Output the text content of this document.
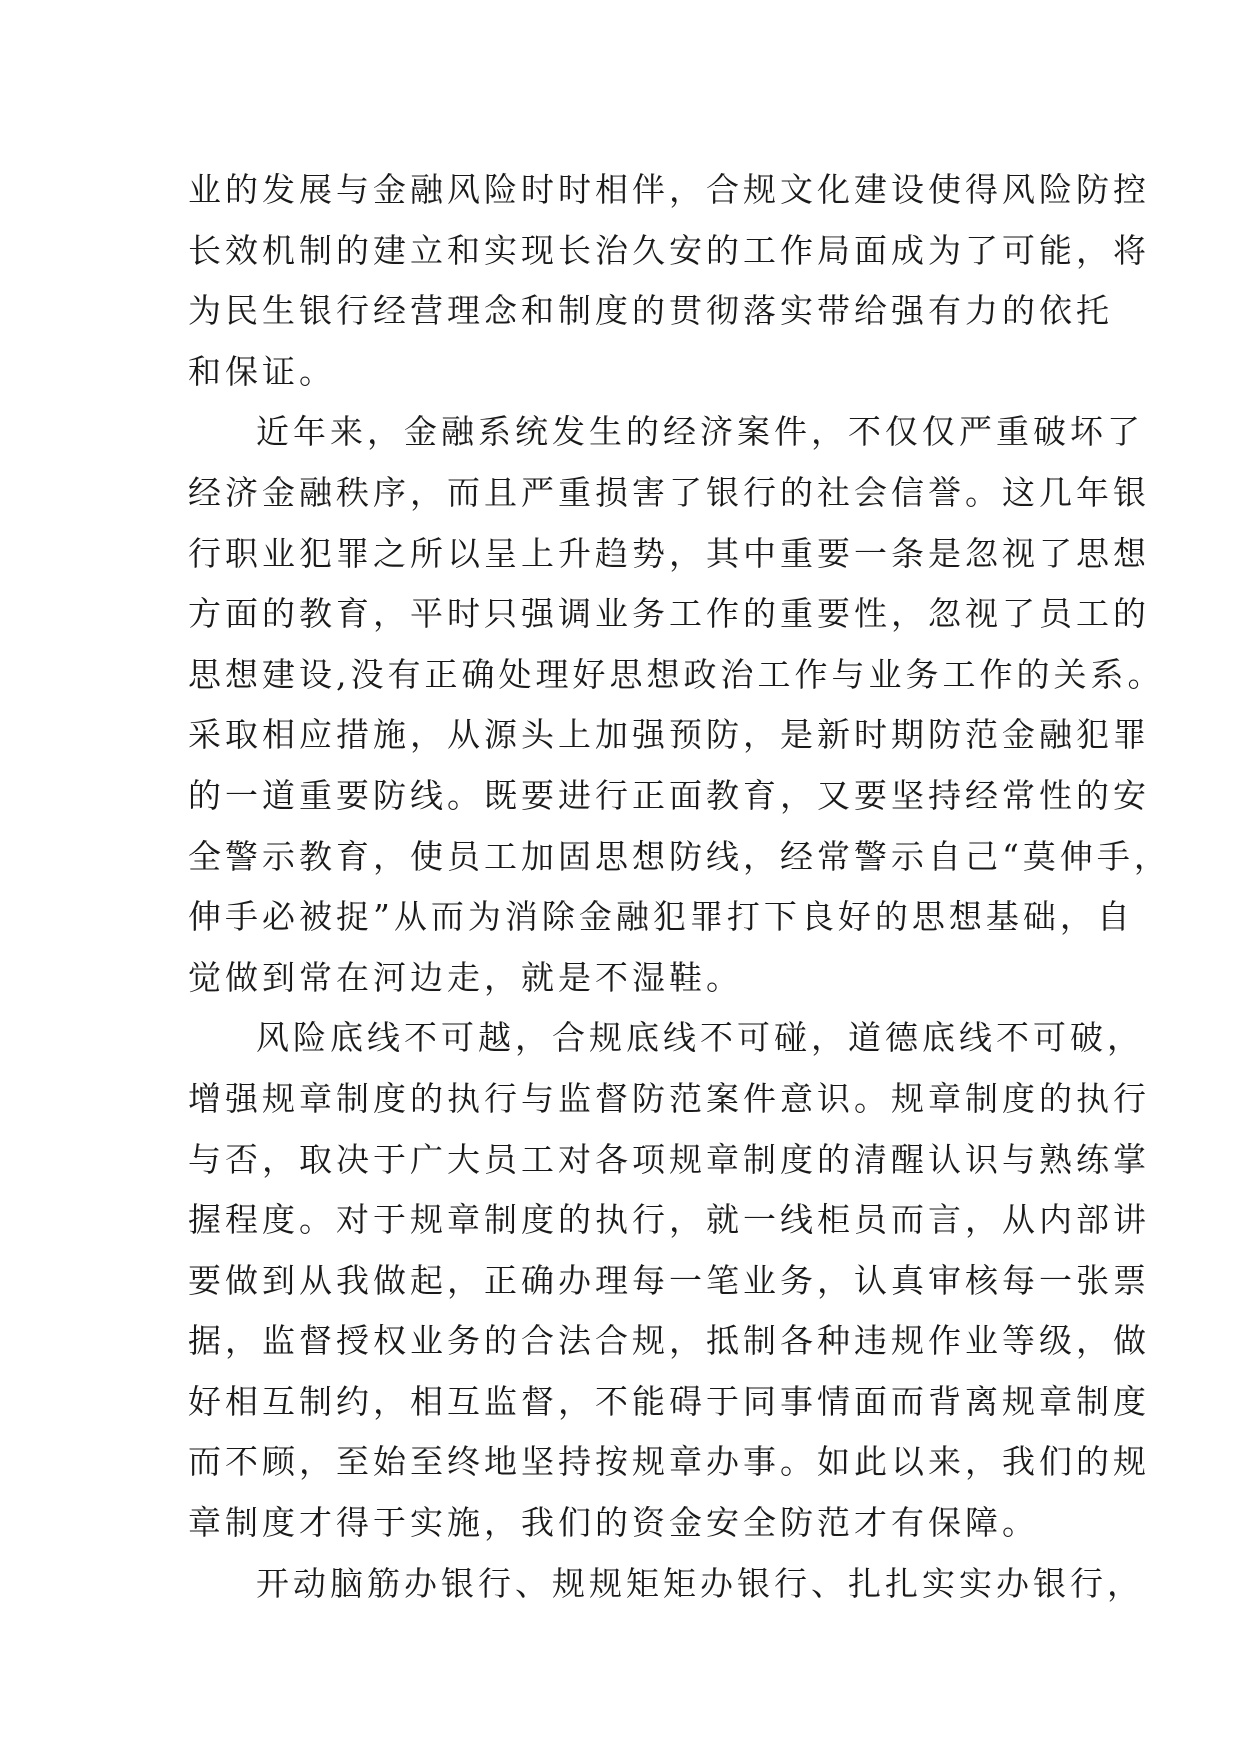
业的发展与金融风险时时相伴，合规文化建设使得风险防控
长效机制的建立和实现长治久安的工作局面成为了可能，将
为民生银行经营理念和制度的贯彻落实带给强有力的依托
和保证。
近年来，金融系统发生的经济案件，不仅仅严重破坏了
经济金融秩序，而且严重损害了银行的社会信誉。这几年银
行职业犯罪之所以呈上升趋势，其中重要一条是忽视了思想
方面的教育，平时只强调业务工作的重要性，忽视了员工的
思想建设,没有正确处理好思想政治工作与业务工作的关系。
采取相应措施，从源头上加强预防，是新时期防范金融犯罪
的一道重要防线。既要进行正面教育，又要坚持经常性的安
全警示教育，使员工加固思想防线，经常警示自己“莫伸手，
伸手必被捉”从而为消除金融犯罪打下良好的思想基础，自
觉做到常在河边走，就是不湿鞋。
风险底线不可越，合规底线不可碰，道德底线不可破，
增强规章制度的执行与监督防范案件意识。规章制度的执行
与否，取决于广大员工对各项规章制度的清醒认识与熟练掌
握程度。对于规章制度的执行，就一线柜员而言，从内部讲
要做到从我做起，正确办理每一笔业务，认真审核每一张票
据，监督授权业务的合法合规，抵制各种违规作业等级，做
好相互制约，相互监督，不能碍于同事情面而背离规章制度
而不顾，至始至终地坚持按规章办事。如此以来，我们的规
章制度才得于实施，我们的资金安全防范才有保障。
开动脑筋办银行、规规矩矩办银行、扎扎实实办银行，
